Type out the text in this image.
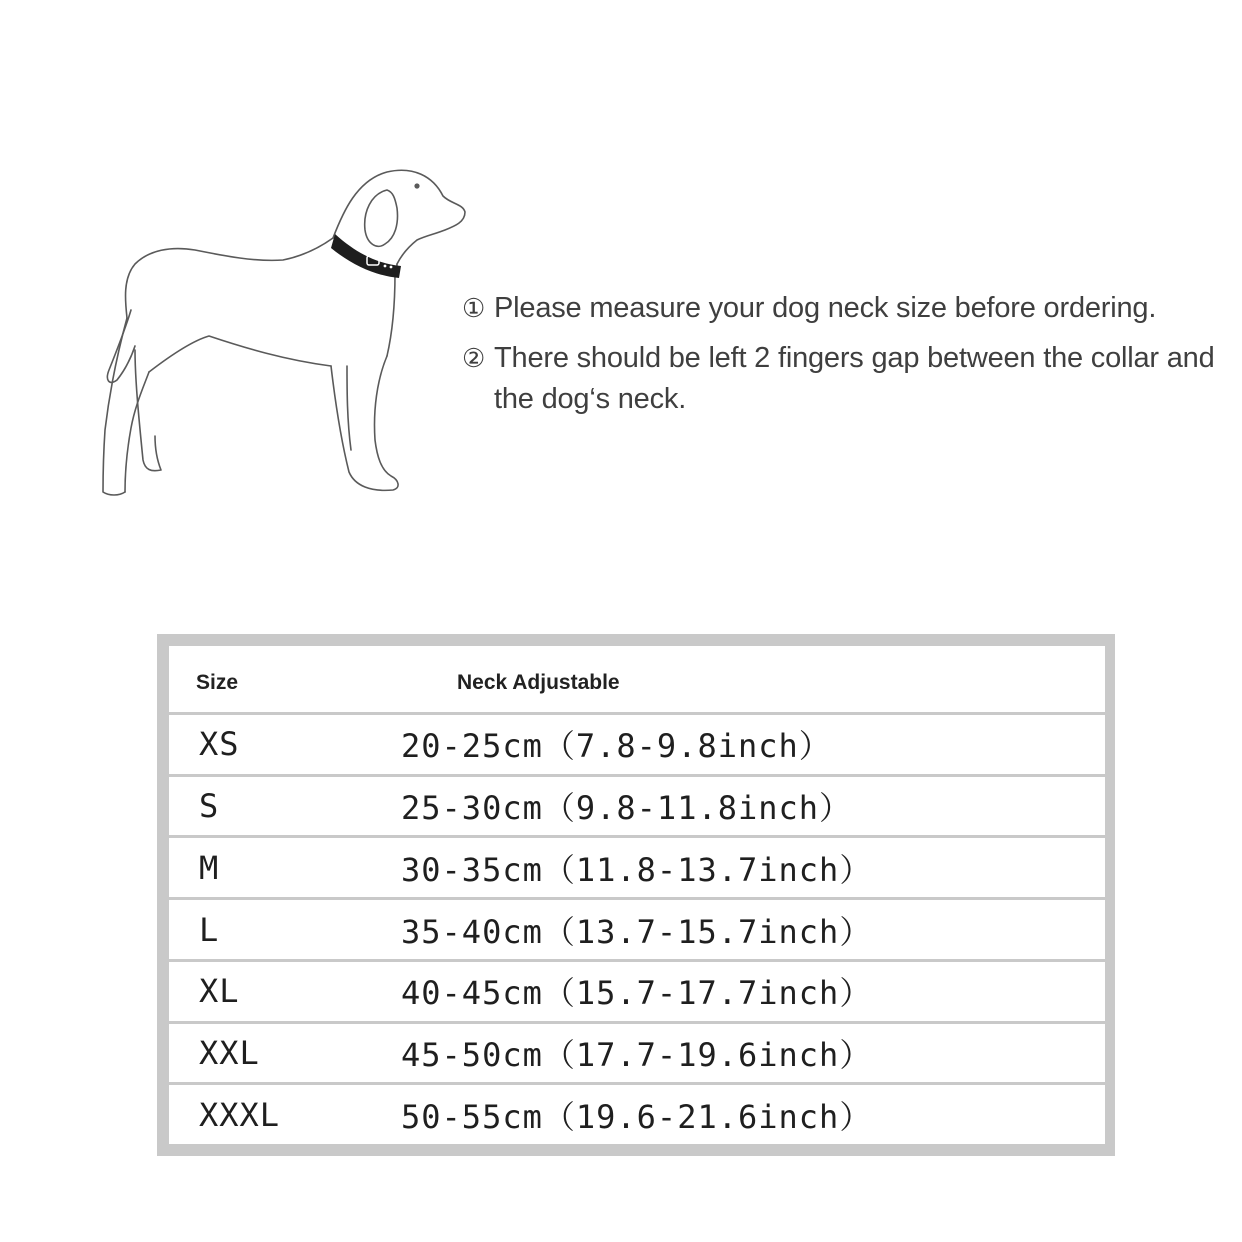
① Please measure your dog neck size before ordering.
② There should be left 2 fingers gap between the collar and the dog‘s neck.
Size	Neck Adjustable
XS	20-25cm（7.8-9.8inch）
S	25-30cm（9.8-11.8inch）
M	30-35cm（11.8-13.7inch）
L	35-40cm（13.7-15.7inch）
XL	40-45cm（15.7-17.7inch）
XXL	45-50cm（17.7-19.6inch）
XXXL	50-55cm（19.6-21.6inch）
